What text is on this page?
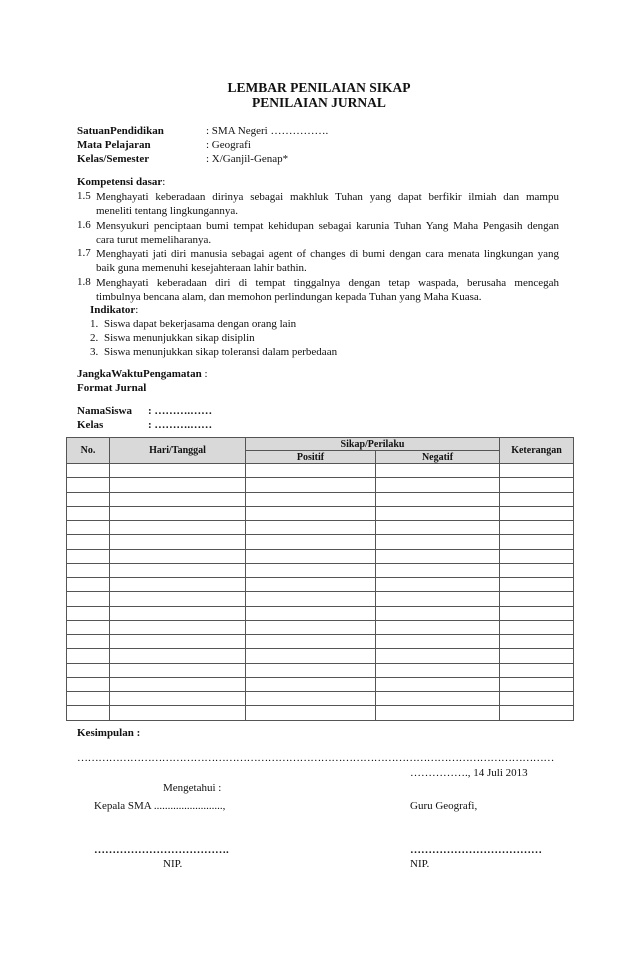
LEMBAR PENILAIAN SIKAP
PENILAIAN JURNAL
SatuanPendidikan	: SMA Negeri …………….
Mata Pelajaran	: Geografi
Kelas/Semester	: X/Ganjil-Genap*
Kompetensi dasar:
1.5 Menghayati keberadaan dirinya sebagai makhluk Tuhan yang dapat berfikir ilmiah dan mampu
meneliti tentang lingkungannya.
1.6 Mensyukuri penciptaan bumi tempat kehidupan sebagai karunia Tuhan Yang Maha Pengasih dengan
cara turut memeliharanya.
1.7 Menghayati jati diri manusia sebagai agent of changes di bumi dengan cara menata lingkungan yang
baik guna memenuhi kesejahteraan lahir bathin.
1.8 Menghayati keberadaan diri di tempat tinggalnya dengan tetap waspada, berusaha mencegah
timbulnya bencana alam, dan memohon perlindungan kepada Tuhan yang Maha Kuasa.
Indikator:
1. Siswa dapat bekerjasama dengan orang lain
2. Siswa menunjukkan sikap disiplin
3. Siswa menunjukkan sikap toleransi dalam perbedaan
JangkaWaktuPengamatan :
Format Jurnal
NamaSiswa : ……….……
Kelas	: ……….……
No.	Hari/Tanggal	Sikap/Perilaku		Keterangan
		Positif	Negatif	

Kesimpulan :
………………………………………………………………………………………………………………………
……………., 14 Juli 2013
Mengetahui :
Kepala SMA .........................,	Guru Geografi,
……………………………….	………………………………
NIP.	NIP.
